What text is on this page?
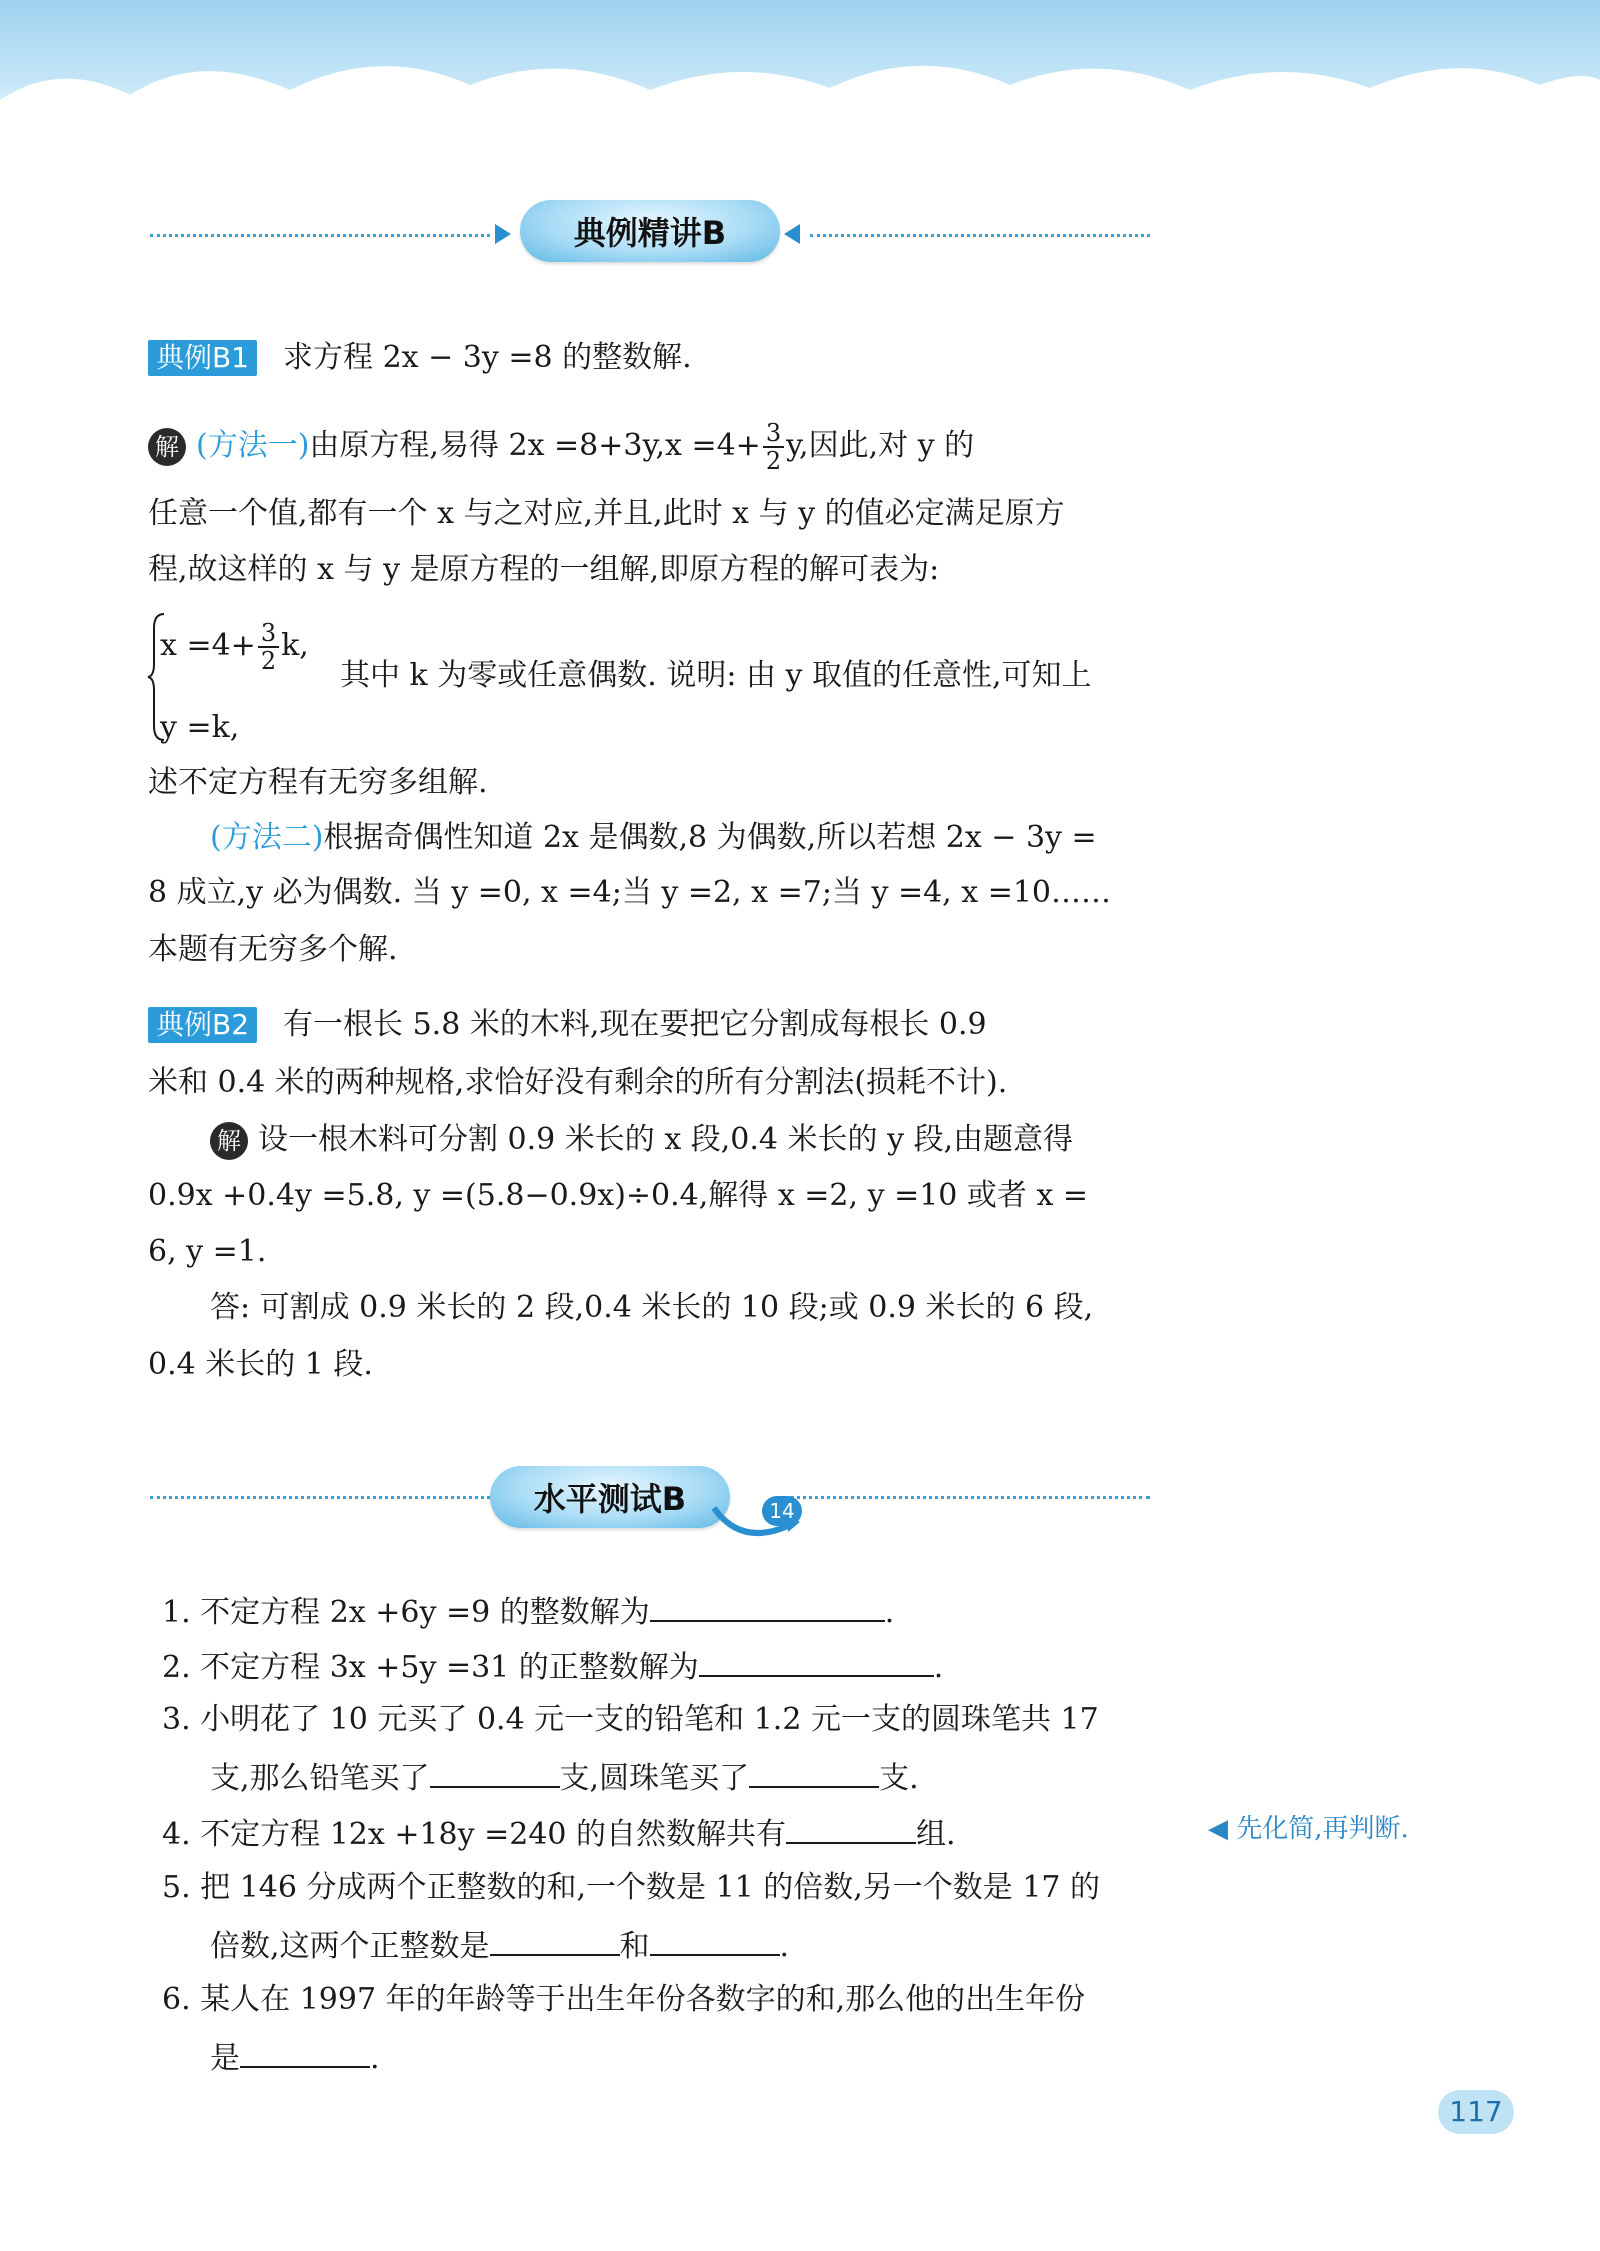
典例精讲B
典例B1 求方程 2x − 3y =8 的整数解.
解 (方法一)由原方程,易得 $2x =8+3y,x =4+ \frac{3}{2} y$,因此,对 y 的
任意一个值,都有一个 x 与之对应,并且,此时 x 与 y 的值必定满足原方
程,故这样的 x 与 y 是原方程的一组解,即原方程的解可表为:
$x =4+ \frac{3}{2} k$,
其中 k 为零或任意偶数. 说明: 由 y 取值的任意性,可知上
y =k,
述不定方程有无穷多组解.
(方法二)根据奇偶性知道 2x 是偶数,8 为偶数,所以若想 2x − 3y =
8 成立,y 必为偶数. 当 y =0, x =4;当 y =2, x =7;当 y =4, x =10……
本题有无穷多个解.
典例B2 有一根长 5.8 米的木料,现在要把它分割成每根长 0.9
米和 0.4 米的两种规格,求恰好没有剩余的所有分割法(损耗不计).
解 设一根木料可分割 0.9 米长的 x 段,0.4 米长的 y 段,由题意得
0.9x +0.4y =5.8, y =(5.8−0.9x)÷0.4,解得 x =2, y =10 或者 x =
6, y =1.
答: 可割成 0.9 米长的 2 段,0.4 米长的 10 段;或 0.9 米长的 6 段,
0.4 米长的 1 段.
水平测试B	14
1. 不定方程 2x +6y =9 的整数解为	.
2. 不定方程 3x +5y =31 的正整数解为	.
3. 小明花了 10 元买了 0.4 元一支的铅笔和 1.2 元一支的圆珠笔共 17
支,那么铅笔买了	支,圆珠笔买了	支.
4. 不定方程 12x +18y =240 的自然数解共有	组.
5. 把 146 分成两个正整数的和,一个数是 11 的倍数,另一个数是 17 的
倍数,这两个正整数是	和	.
6. 某人在 1997 年的年龄等于出生年份各数字的和,那么他的出生年份
是	.
◀ 先化简,再判断.
117
